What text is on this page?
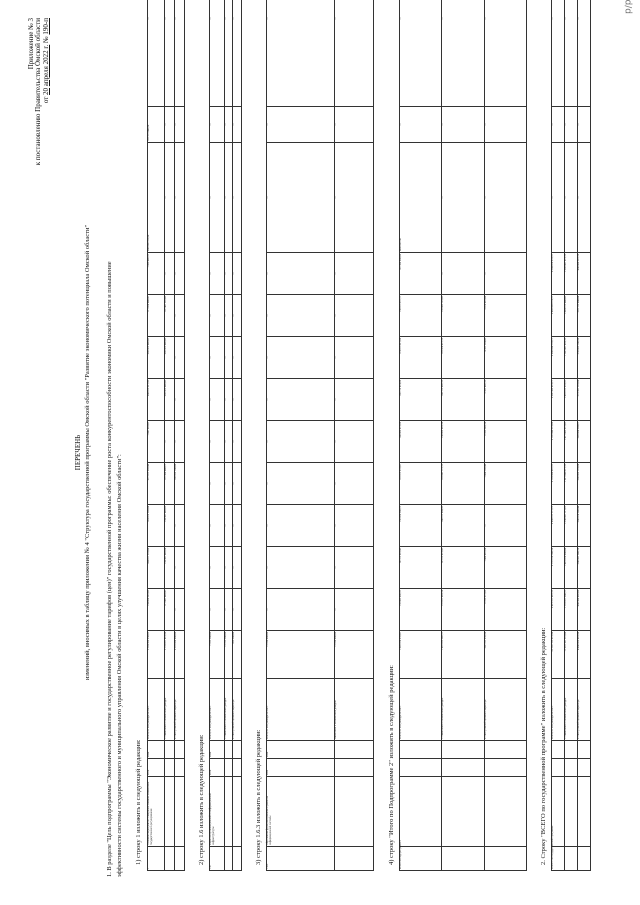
d/d
Приложение № 3 к постановлению Правительства Омской области от 20 апреля 2022 г. № 190-п
ПЕРЕЧЕНЬ изменений, вносимых в таблицу приложения № 4 "Структура государственной программы Омской области "Развитие экономического потенциала Омской области" 1. В разделе "Цель подпрограммы "Экономическое развитие и государственное регулирование тарифов (цен)" государственной программы: обеспечение роста конкурентоспособности экономики Омской области и повышение эффективности системы государственного и муниципального управления Омской области в целях улучшения качества жизни населения Омской области": 1) строку 1 изложить в следующей редакции:
1	Основное мероприятие: Совершенствование механизмов государственного регулирования	2014	2024	Всего, из них расходы за счет:	3 794 392 950,23	154 890 541,83	144 811 518,84	124 012 398,84	277 817 983,48	1 041 892,67	200 819 011,33	203 415 049,05	171 614 048,41	1 203 449,37	208 094 312,20	187 315 060,30	—
				1. Налоговых и неналоговых доходов	3 116 071 612,30	171 001 043,41	154 301 043,24	154 301 043,25	179 300 048,97	—	203 415 049,05	203 415 049,05	197 401 301,05	—	—	—	—
				2. Поступлений целевого характера	2 370 034 000,00	—	—	—	103 999 100,00	—	—	—	—	—	—	—	—
2) строку 1.6 изложить в следующей редакции:
1.6	Развитие организационной и информационной инфраструктуры	2014	2024	Всего, из них расходы за счет:	7 933 500,00	—	—	—	—	—	—	—	—	—	—	—	—
				1. Налоговых и неналоговых доходов	13 793 500,00	—	—	—	—	—	—	—	—	—	—	—	—
				2. Поступлений целевого характера	293 500,00	—	—	—	—	—	—	—	—	—	—	—	—
3) строку 1.6.3 изложить в следующей редакции:
1.6.3	Обеспечение функционирования и развития информационной системы	2022	2024	Всего, из них расходы за счет:	15 920 000,00	—	—	—	—	—	—	—	—	—	—	—	—
				Налоговых и неналоговых доходов	15 920 000,00	—	—	—	—	—	—	—	—	—	—	—	—
4) строку "Итого по Подпрограмме 2" изложить в следующей редакции: Итого по Подпрограмме 2				Всего, из них расходы за счет:	1 828 876 235,61	153 805 009,37	89 515 895,43	152 670 388,73	193 813 218,61	140 882 413,28	165 712 614,28	174 813 611,24	138 013 219,11	141 304 800,00	Количество	—	—
				1. Налоговых и неналоговых доходов	1 481 079 003,11	151 011 092,14	87 915 813,47	160 917 004,35	192 007 115,13	138 099 093,18	162 115 007,13	170 416 017,19	135 003 122,03	—	—	—	—
				2. Поступлений целевого характера	347 797 232,50	2 793 917,23	1 600 081,96	—	1 806 103,48	2 783 320,10	3 597 607,15	4 397 594,05	3 010 097,08	—	—	—	—
2. Строку "ВСЕГО по государственной программе" изложить в следующей редакции: ВСЕГО по государственной программе				Всего, из них расходы за счет:	23 761 153 815,34	2 473 311 097,13	2 131 918 140,14	2 038 917 711,73	2 176 900 081,37	2 199 040 313,28	2 207 309 013,71	2 280 094 118,71	2 403 090 114,11	2 504 010 210,31	—	—	—
				1. Налоговых и неналоговых доходов	17 293 101 319,80	1 793 011 030,11	1 623 010 800,04	1 530 901 171,27	1 611 000 911,13	1 671 003 917,07	1 693 917 218,51	1 747 001 010,13	1 824 915 048,05	1 903 001 813,19	—	—	—
				2. Поступлений целевого характера	6 468 052 495,54	680 300 067,02	508 907 340,10	508 016 540,46	565 899 170,24	528 036 396,21	513 391 795,20	533 093 108,58	578 175 066,06	600 008 397,12	—	—	—
